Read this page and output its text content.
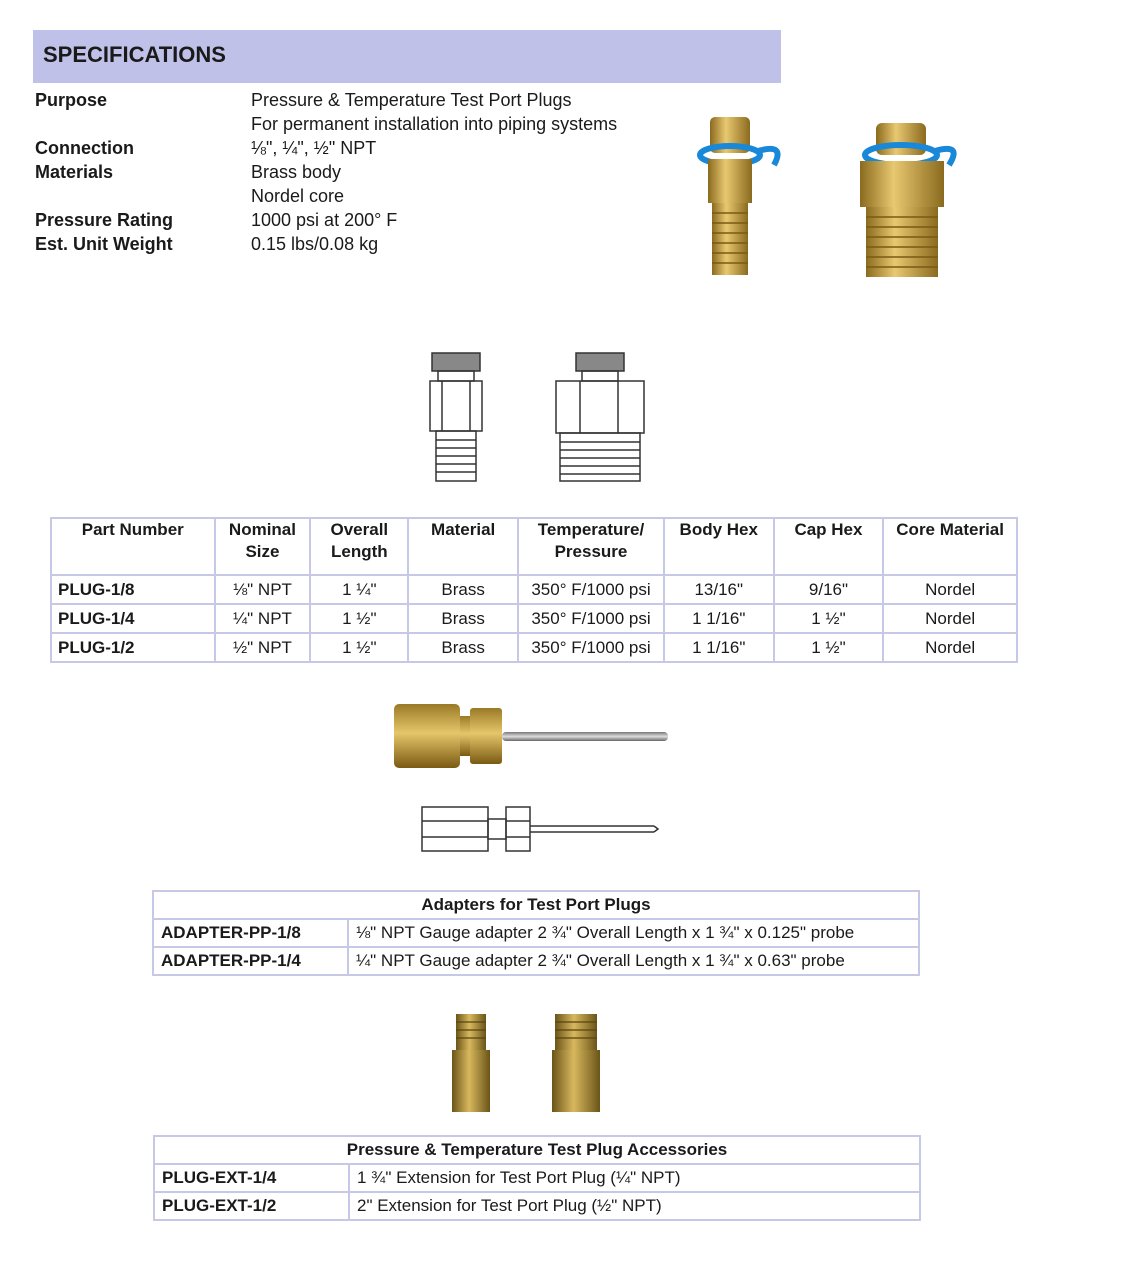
SPECIFICATIONS
Purpose	Pressure & Temperature Test Port Plugs
For permanent installation into piping systems
Connection	⅛", ¼", ½" NPT
Materials	Brass body
Nordel core
Pressure Rating	1000 psi at 200° F
Est. Unit Weight	0.15 lbs/0.08 kg
Part Number	Nominal Size	Overall Length	Material	Temperature/ Pressure	Body Hex	Cap Hex	Core Material
PLUG-1/8	⅛" NPT	1 ¼"	Brass	350° F/1000 psi	13/16"	9/16"	Nordel
PLUG-1/4	¼" NPT	1 ½"	Brass	350° F/1000 psi	1 1/16"	1 ½"	Nordel
PLUG-1/2	½" NPT	1 ½"	Brass	350° F/1000 psi	1 1/16"	1 ½"	Nordel
Adapters for Test Port Plugs	
ADAPTER-PP-1/8	⅛" NPT Gauge adapter 2 ¾" Overall Length x 1 ¾" x 0.125" probe
ADAPTER-PP-1/4	¼" NPT Gauge adapter 2 ¾" Overall Length x 1 ¾" x 0.63" probe
Pressure & Temperature Test Plug Accessories	
PLUG-EXT-1/4	1 ¾" Extension for Test Port Plug (¼" NPT)
PLUG-EXT-1/2	2" Extension for Test Port Plug (½" NPT)
